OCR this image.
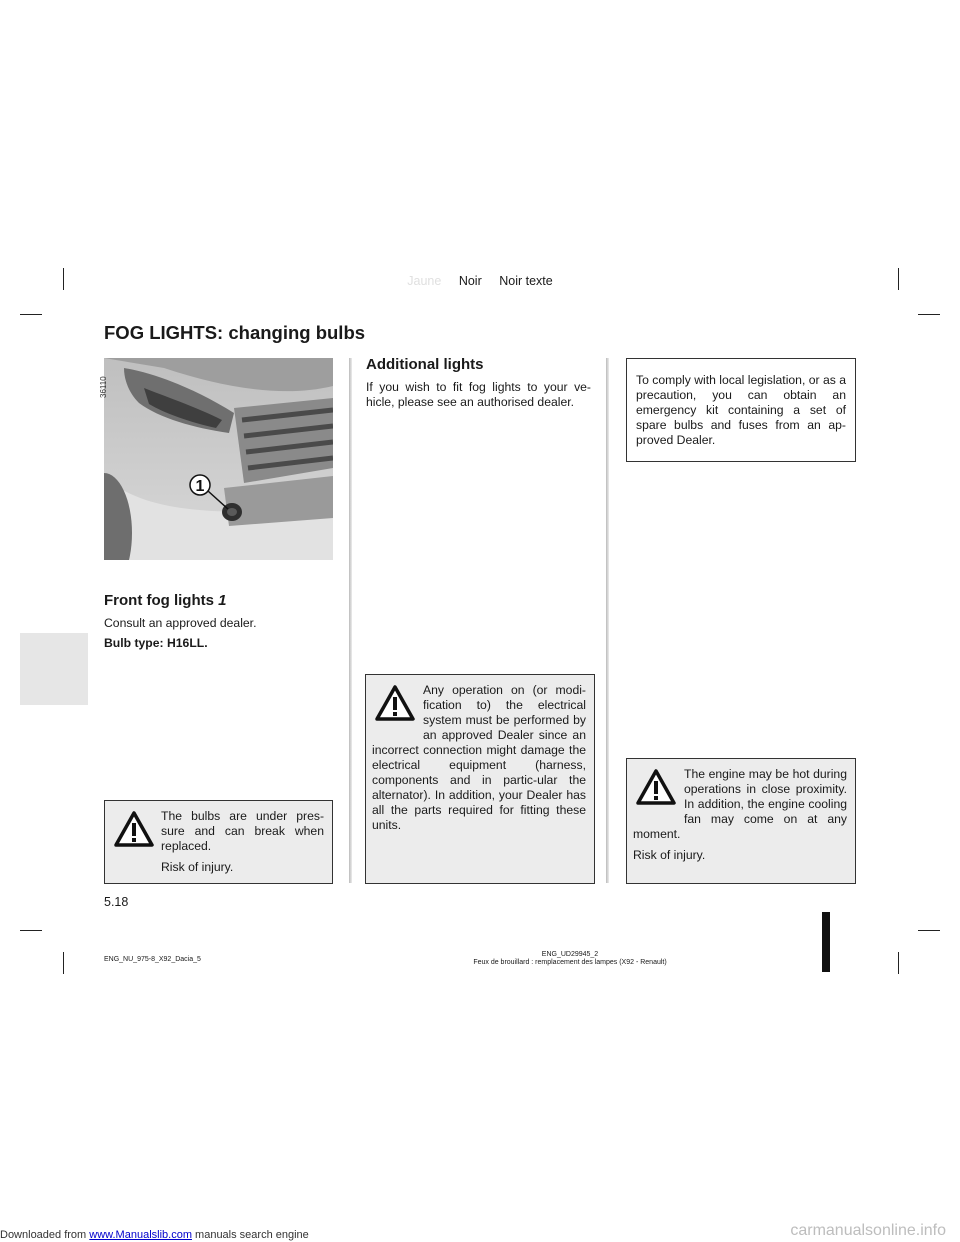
Jaune Noir Noir texte
FOG LIGHTS: changing bulbs
1
36110
Front fog lights 1
Consult an approved dealer.
Bulb type: H16LL.
The bulbs are under pres-sure and can break when replaced.
Risk of injury.
Additional lights
If you wish to fit fog lights to your ve-hicle, please see an authorised dealer.
Any operation on (or modi-fication to) the electrical system must be performed by an approved Dealer since an incorrect connection might damage the electrical equipment (harness, components and in partic-ular the alternator). In addition, your Dealer has all the parts required for fitting these units.
To comply with local legislation, or as a precaution, you can obtain an emergency kit containing a set of spare bulbs and fuses from an ap-proved Dealer.
The engine may be hot during operations in close proximity. In addition, the engine cooling fan may come on at any moment.
Risk of injury.
5.18
ENG_NU_975-8_X92_Dacia_5
ENG_UD29945_2
Feux de brouillard : remplacement des lampes (X92 - Renault)
Downloaded from www.Manualslib.com manuals search engine	carmanualsonline.info
